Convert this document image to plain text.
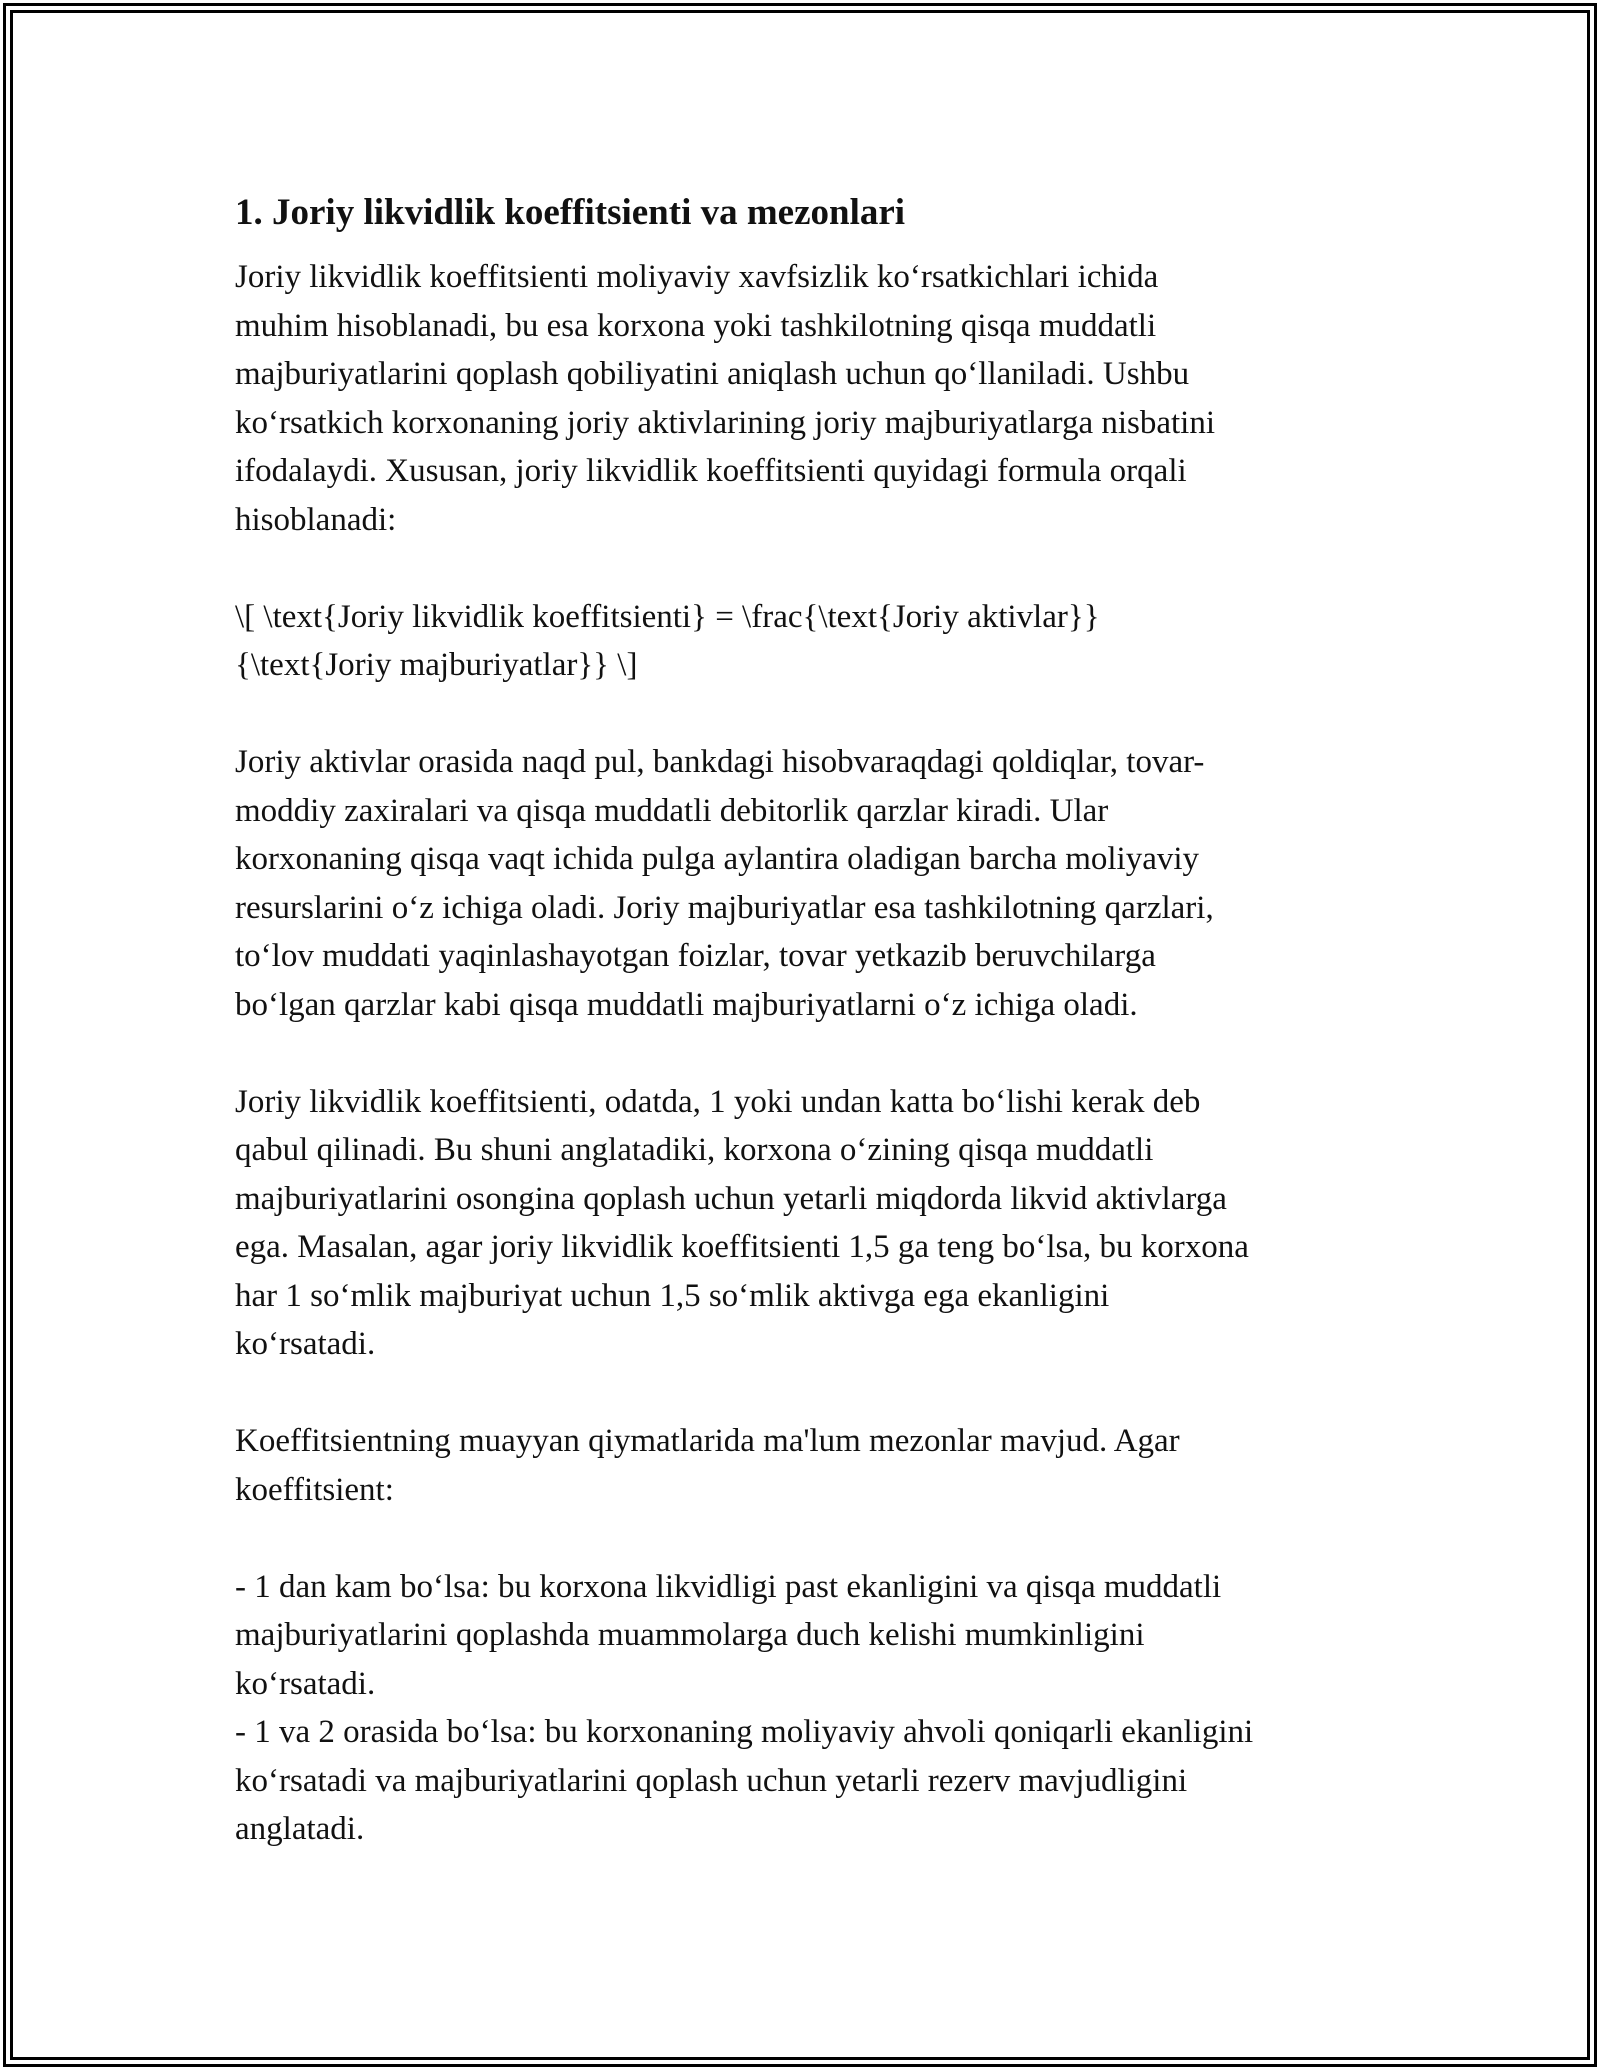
1. Joriy likvidlik koeffitsienti va mezonlari
Joriy likvidlik koeffitsienti moliyaviy xavfsizlik koʻrsatkichlari ichida
muhim hisoblanadi, bu esa korxona yoki tashkilotning qisqa muddatli
majburiyatlarini qoplash qobiliyatini aniqlash uchun qoʻllaniladi. Ushbu
koʻrsatkich korxonaning joriy aktivlarining joriy majburiyatlarga nisbatini
ifodalaydi. Xususan, joriy likvidlik koeffitsienti quyidagi formula orqali
hisoblanadi:
\[ \text{Joriy likvidlik koeffitsienti} = \frac{\text{Joriy aktivlar}}
{\text{Joriy majburiyatlar}} \]
Joriy aktivlar orasida naqd pul, bankdagi hisobvaraqdagi qoldiqlar, tovar-
moddiy zaxiralari va qisqa muddatli debitorlik qarzlar kiradi. Ular
korxonaning qisqa vaqt ichida pulga aylantira oladigan barcha moliyaviy
resurslarini oʻz ichiga oladi. Joriy majburiyatlar esa tashkilotning qarzlari,
toʻlov muddati yaqinlashayotgan foizlar, tovar yetkazib beruvchilarga
boʻlgan qarzlar kabi qisqa muddatli majburiyatlarni oʻz ichiga oladi.
Joriy likvidlik koeffitsienti, odatda, 1 yoki undan katta boʻlishi kerak deb
qabul qilinadi. Bu shuni anglatadiki, korxona oʻzining qisqa muddatli
majburiyatlarini osongina qoplash uchun yetarli miqdorda likvid aktivlarga
ega. Masalan, agar joriy likvidlik koeffitsienti 1,5 ga teng boʻlsa, bu korxona
har 1 soʻmlik majburiyat uchun 1,5 soʻmlik aktivga ega ekanligini
koʻrsatadi.
Koeffitsientning muayyan qiymatlarida ma'lum mezonlar mavjud. Agar
koeffitsient:
- 1 dan kam boʻlsa: bu korxona likvidligi past ekanligini va qisqa muddatli
majburiyatlarini qoplashda muammolarga duch kelishi mumkinligini
koʻrsatadi.
- 1 va 2 orasida boʻlsa: bu korxonaning moliyaviy ahvoli qoniqarli ekanligini
koʻrsatadi va majburiyatlarini qoplash uchun yetarli rezerv mavjudligini
anglatadi.
